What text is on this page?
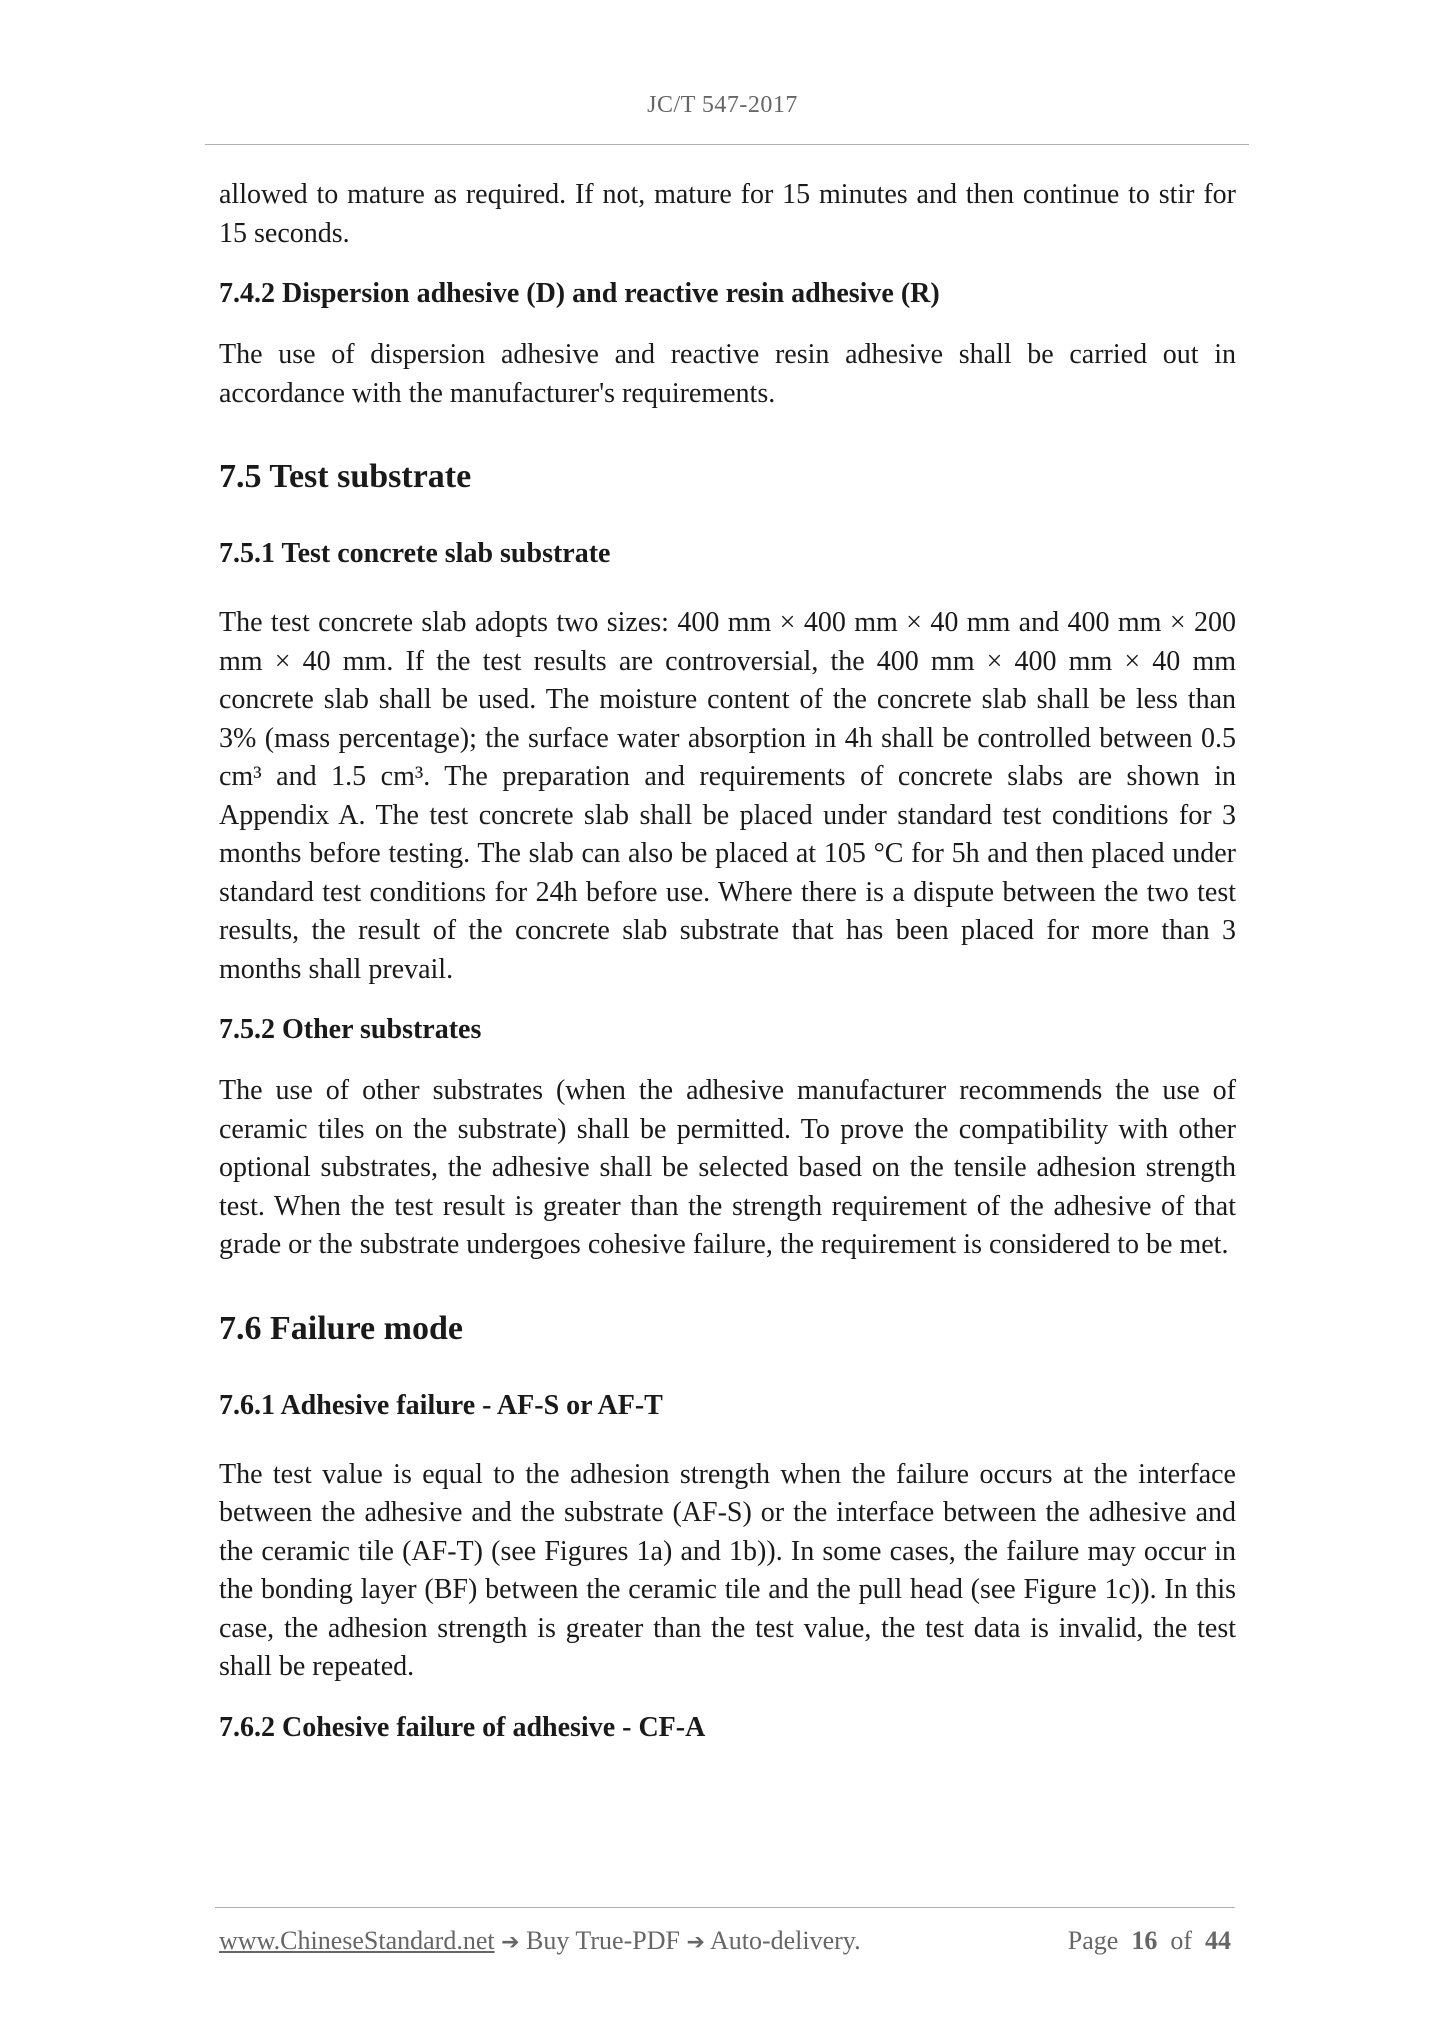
JC/T 547-2017

allowed to mature as required. If not, mature for 15 minutes and then continue to stir for 15 seconds.

7.4.2 Dispersion adhesive (D) and reactive resin adhesive (R)

The use of dispersion adhesive and reactive resin adhesive shall be carried out in accordance with the manufacturer's requirements.

7.5 Test substrate
7.5.1 Test concrete slab substrate

The test concrete slab adopts two sizes: 400 mm × 400 mm × 40 mm and 400 mm × 200 mm × 40 mm. If the test results are controversial, the 400 mm × 400 mm × 40 mm concrete slab shall be used. The moisture content of the concrete slab shall be less than 3% (mass percentage); the surface water absorption in 4h shall be controlled between 0.5 cm³ and 1.5 cm³. The preparation and requirements of concrete slabs are shown in Appendix A. The test concrete slab shall be placed under standard test conditions for 3 months before testing. The slab can also be placed at 105 °C for 5h and then placed under standard test conditions for 24h before use. Where there is a dispute between the two test results, the result of the concrete slab substrate that has been placed for more than 3 months shall prevail.

7.5.2 Other substrates

The use of other substrates (when the adhesive manufacturer recommends the use of ceramic tiles on the substrate) shall be permitted. To prove the compatibility with other optional substrates, the adhesive shall be selected based on the tensile adhesion strength test. When the test result is greater than the strength requirement of the adhesive of that grade or the substrate undergoes cohesive failure, the requirement is considered to be met.

7.6 Failure mode
7.6.1 Adhesive failure - AF-S or AF-T

The test value is equal to the adhesion strength when the failure occurs at the interface between the adhesive and the substrate (AF-S) or the interface between the adhesive and the ceramic tile (AF-T) (see Figures 1a) and 1b)). In some cases, the failure may occur in the bonding layer (BF) between the ceramic tile and the pull head (see Figure 1c)). In this case, the adhesion strength is greater than the test value, the test data is invalid, the test shall be repeated.

7.6.2 Cohesive failure of adhesive - CF-A
www.ChineseStandard.net ➔ Buy True-PDF ➔ Auto-delivery.	Page 16 of 44
